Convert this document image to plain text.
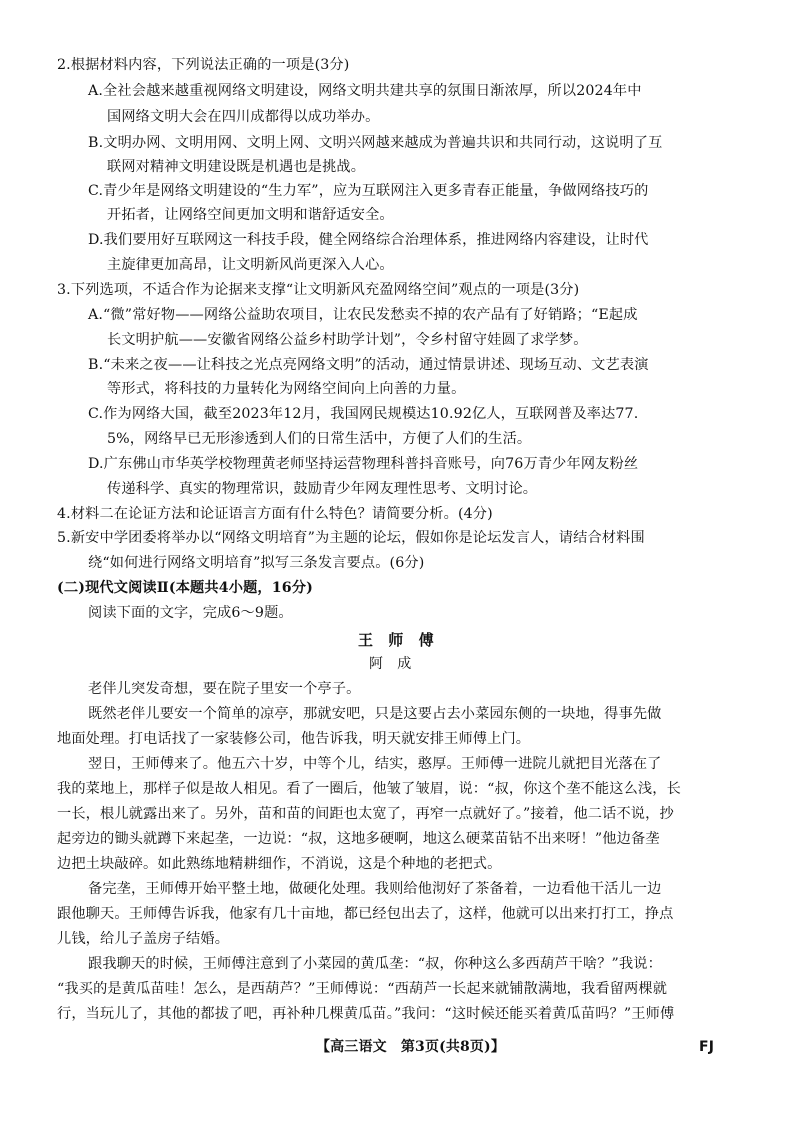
2.根据材料内容，下列说法正确的一项是(3分)
A.全社会越来越重视网络文明建设，网络文明共建共享的氛围日渐浓厚，所以2024年中
国网络文明大会在四川成都得以成功举办。
B.文明办网、文明用网、文明上网、文明兴网越来越成为普遍共识和共同行动，这说明了互
联网对精神文明建设既是机遇也是挑战。
C.青少年是网络文明建设的“生力军”，应为互联网注入更多青春正能量，争做网络技巧的
开拓者，让网络空间更加文明和谐舒适安全。
D.我们要用好互联网这一科技手段，健全网络综合治理体系，推进网络内容建设，让时代
主旋律更加高昂，让文明新风尚更深入人心。
3.下列选项，不适合作为论据来支撑“让文明新风充盈网络空间”观点的一项是(3分)
A.“微”常好物——网络公益助农项目，让农民发愁卖不掉的农产品有了好销路；“E起成
长文明护航——安徽省网络公益乡村助学计划”，令乡村留守娃圆了求学梦。
B.“未来之夜——让科技之光点亮网络文明”的活动，通过情景讲述、现场互动、文艺表演
等形式，将科技的力量转化为网络空间向上向善的力量。
C.作为网络大国，截至2023年12月，我国网民规模达10.92亿人，互联网普及率达77.
5%，网络早已无形渗透到人们的日常生活中，方便了人们的生活。
D.广东佛山市华英学校物理黄老师坚持运营物理科普抖音账号，向76万青少年网友粉丝
传递科学、真实的物理常识，鼓励青少年网友理性思考、文明讨论。
4.材料二在论证方法和论证语言方面有什么特色？请简要分析。(4分)
5.新安中学团委将举办以“网络文明培育”为主题的论坛，假如你是论坛发言人，请结合材料围
绕“如何进行网络文明培育”拟写三条发言要点。(6分)
(二)现代文阅读Ⅱ(本题共4小题，16分)
阅读下面的文字，完成6～9题。
王　师　傅
阿　成
老伴儿突发奇想，要在院子里安一个亭子。
既然老伴儿要安一个简单的凉亭，那就安吧，只是这要占去小菜园东侧的一块地，得事先做
地面处理。打电话找了一家装修公司，他告诉我，明天就安排王师傅上门。
翌日，王师傅来了。他五六十岁，中等个儿，结实，憨厚。王师傅一进院儿就把目光落在了
我的菜地上，那样子似是故人相见。看了一圈后，他皱了皱眉，说：“叔，你这个垄不能这么浅，长
一长，根儿就露出来了。另外，苗和苗的间距也太宽了，再窄一点就好了。”接着，他二话不说，抄
起旁边的锄头就蹲下来起垄，一边说：“叔，这地多硬啊，地这么硬菜苗钻不出来呀！”他边备垄
边把土块敲碎。如此熟练地精耕细作，不消说，这是个种地的老把式。
备完垄，王师傅开始平整土地，做硬化处理。我则给他沏好了茶备着，一边看他干活儿一边
跟他聊天。王师傅告诉我，他家有几十亩地，都已经包出去了，这样，他就可以出来打打工，挣点
儿钱，给儿子盖房子结婚。
跟我聊天的时候，王师傅注意到了小菜园的黄瓜垄：“叔，你种这么多西葫芦干啥？”我说：
“我买的是黄瓜苗哇！怎么，是西葫芦？”王师傅说：“西葫芦一长起来就铺散满地，我看留两棵就
行，当玩儿了，其他的都拔了吧，再补种几棵黄瓜苗。”我问：“这时候还能买着黄瓜苗吗？”王师傅
【高三语文　第3页(共8页)】	FJ
